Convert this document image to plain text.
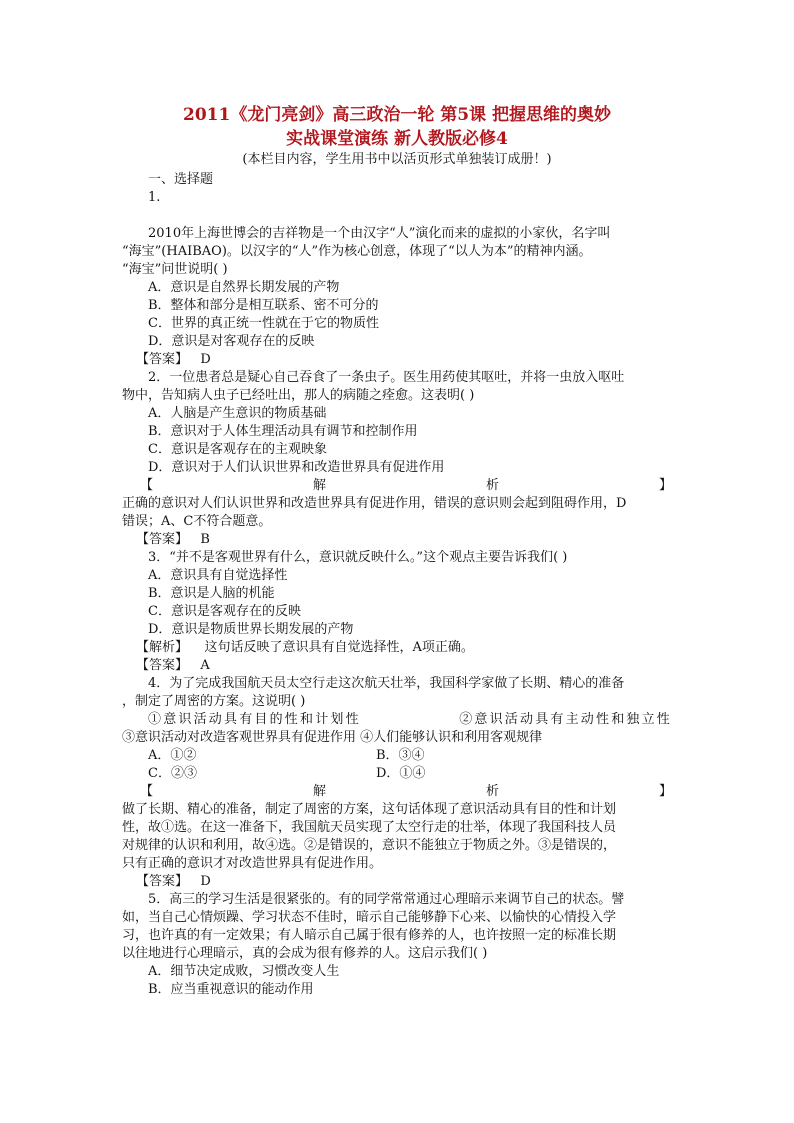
2011《龙门亮剑》高三政治一轮 第5课 把握思维的奥妙

实战课堂演练 新人教版必修4

(本栏目内容，学生用书中以活页形式单独装订成册！)

一、选择题

1.

2010年上海世博会的吉祥物是一个由汉字“人”演化而来的虚拟的小家伙，名字叫

“海宝”(HAIBAO)。以汉字的“人”作为核心创意，体现了“以人为本”的精神内涵。

“海宝”问世说明( )

A．意识是自然界长期发展的产物

B．整体和部分是相互联系、密不可分的

C．世界的真正统一性就在于它的物质性

D．意识是对客观存在的反映

【答案】 D

2．一位患者总是疑心自己吞食了一条虫子。医生用药使其呕吐，并将一虫放入呕吐

物中，告知病人虫子已经吐出，那人的病随之痊愈。这表明( )

A．人脑是产生意识的物质基础

B．意识对于人体生理活动具有调节和控制作用

C．意识是客观存在的主观映象

D．意识对于人们认识世界和改造世界具有促进作用

【	解	析	】

正确的意识对人们认识世界和改造世界具有促进作用，错误的意识则会起到阻碍作用，D

错误；A、C不符合题意。

【答案】 B

3．“并不是客观世界有什么，意识就反映什么。”这个观点主要告诉我们( )

A．意识具有自觉选择性

B．意识是人脑的机能

C．意识是客观存在的反映

D．意识是物质世界长期发展的产物

【解析】 这句话反映了意识具有自觉选择性，A项正确。

【答案】 A

4．为了完成我国航天员太空行走这次航天壮举，我国科学家做了长期、精心的准备

，制定了周密的方案。这说明( )

①意识活动具有目的性和计划性	②意识活动具有主动性和独立性

③意识活动对改造客观世界具有促进作用 ④人们能够认识和利用客观规律

A．①②	B．③④
C．②③	D．①④
【	解	析	】

做了长期、精心的准备，制定了周密的方案，这句话体现了意识活动具有目的性和计划

性，故①选。在这一准备下，我国航天员实现了太空行走的壮举，体现了我国科技人员

对规律的认识和利用，故④选。②是错误的，意识不能独立于物质之外。③是错误的，

只有正确的意识才对改造世界具有促进作用。

【答案】 D

5．高三的学习生活是很紧张的。有的同学常常通过心理暗示来调节自己的状态。譬

如，当自己心情烦躁、学习状态不佳时，暗示自己能够静下心来、以愉快的心情投入学

习，也许真的有一定效果；有人暗示自己属于很有修养的人，也许按照一定的标准长期

以往地进行心理暗示，真的会成为很有修养的人。这启示我们( )

A．细节决定成败，习惯改变人生

B．应当重视意识的能动作用
